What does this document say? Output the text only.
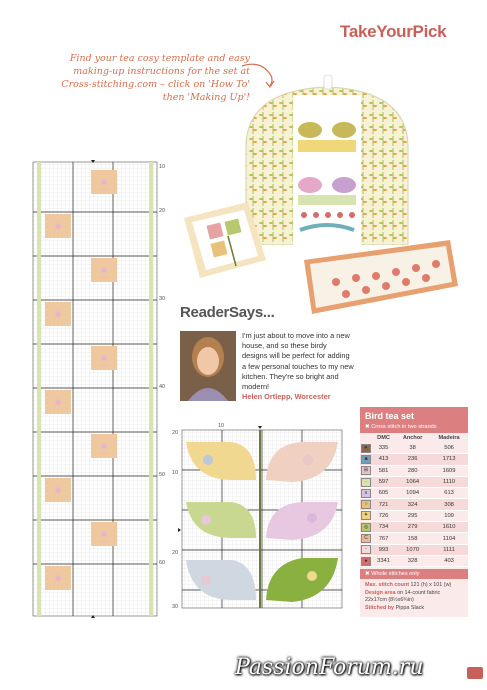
TakeYourPick
Find your tea cosy template and easy making-up instructions for the set at Cross-stitching.com – click on 'How To' then 'Making Up'!
10
20
30
40
50
60
ReaderSays...
I'm just about to move into a new house, and so these birdy designs will be perfect for adding a few personal touches to my new kitchen. They're so bright and modern!
Helen Ortlepp, Worcester
10
20
10
20
30
Bird tea set
✖ Cross stitch in two strands
	DMC	Anchor	Madeira
♥	335	38	506
■	413	236	1713
⊞	581	280	1609
·	597	1064	1110
∧	605	1094	613
○	721	324	308
✦	726	295	109
◎	734	279	1610
C	767	158	1104
▫	993	1070	1111
●	3341	328	403
✖ Whole stitches only
Max. stitch count 121 (h) x 101 (w)
Design area on 14-count fabric 22x17cm (8½x6¾in)
Stitched by Pippa Slack
PassionForum.ru
